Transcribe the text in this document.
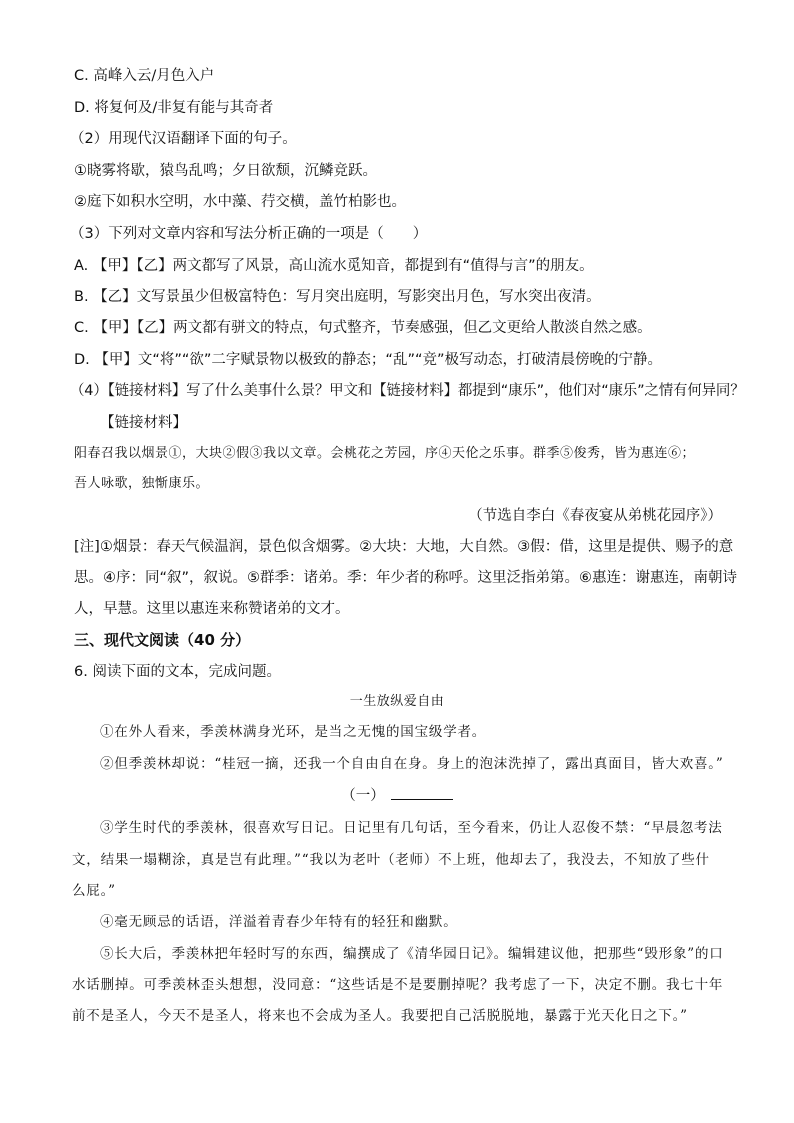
C. 高峰入云/月色入户
D. 将复何及/非复有能与其奇者
（2）用现代汉语翻译下面的句子。
①晓雾将歇，猿鸟乱鸣；夕日欲颓，沉鳞竞跃。
②庭下如积水空明，水中藻、荇交横，盖竹柏影也。
（3）下列对文章内容和写法分析正确的一项是（　　）
A. 【甲】【乙】两文都写了风景，高山流水觅知音，都提到有“值得与言”的朋友。
B. 【乙】文写景虽少但极富特色：写月突出庭明，写影突出月色，写水突出夜清。
C. 【甲】【乙】两文都有骈文的特点，句式整齐，节奏感强，但乙文更给人散淡自然之感。
D. 【甲】文“将”“欲”二字赋景物以极致的静态；“乱”“竞”极写动态，打破清晨傍晚的宁静。
（4）【链接材料】写了什么美事什么景？甲文和【链接材料】都提到“康乐”，他们对“康乐”之情有何异同？
【链接材料】
阳春召我以烟景①，大块②假③我以文章。会桃花之芳园，序④天伦之乐事。群季⑤俊秀，皆为惠连⑥；
吾人咏歌，独惭康乐。
（节选自李白《春夜宴从弟桃花园序》）
[注]①烟景：春天气候温润，景色似含烟雾。②大块：大地，大自然。③假：借，这里是提供、赐予的意
思。④序：同“叙”，叙说。⑤群季：诸弟。季：年少者的称呼。这里泛指弟第。⑥惠连：谢惠连，南朝诗
人，早慧。这里以惠连来称赞诸弟的文才。
三、现代文阅读（40 分）
6. 阅读下面的文本，完成问题。
一生放纵爱自由
①在外人看来，季羡林满身光环，是当之无愧的国宝级学者。
②但季羡林却说：“桂冠一摘，还我一个自由自在身。身上的泡沫洗掉了，露出真面目，皆大欢喜。”
（一）
③学生时代的季羡林，很喜欢写日记。日记里有几句话，至今看来，仍让人忍俊不禁：“早晨忽考法
文，结果一塌糊涂，真是岂有此理。”“我以为老叶（老师）不上班，他却去了，我没去，不知放了些什
么屁。”
④毫无顾忌的话语，洋溢着青春少年特有的轻狂和幽默。
⑤长大后，季羡林把年轻时写的东西，编撰成了《清华园日记》。编辑建议他，把那些“毁形象”的口
水话删掉。可季羡林歪头想想，没同意：“这些话是不是要删掉呢？我考虑了一下，决定不删。我七十年
前不是圣人，今天不是圣人，将来也不会成为圣人。我要把自己活脱脱地，暴露于光天化日之下。”
